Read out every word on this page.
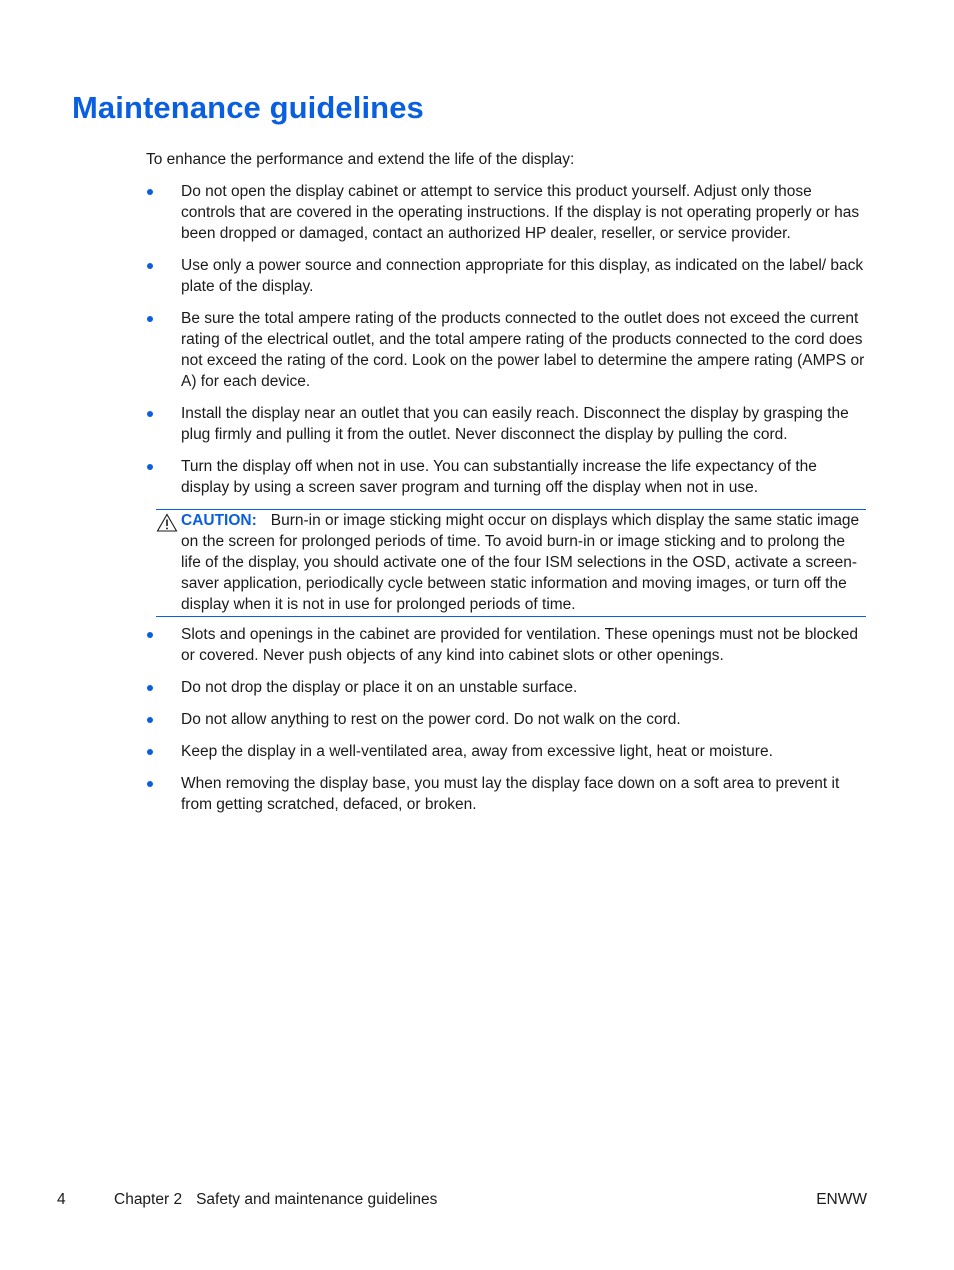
Maintenance guidelines

To enhance the performance and extend the life of the display:

Do not open the display cabinet or attempt to service this product yourself. Adjust only those controls that are covered in the operating instructions. If the display is not operating properly or has been dropped or damaged, contact an authorized HP dealer, reseller, or service provider.
Use only a power source and connection appropriate for this display, as indicated on the label/ back plate of the display.
Be sure the total ampere rating of the products connected to the outlet does not exceed the current rating of the electrical outlet, and the total ampere rating of the products connected to the cord does not exceed the rating of the cord. Look on the power label to determine the ampere rating (AMPS or A) for each device.
Install the display near an outlet that you can easily reach. Disconnect the display by grasping the plug firmly and pulling it from the outlet. Never disconnect the display by pulling the cord.
Turn the display off when not in use. You can substantially increase the life expectancy of the display by using a screen saver program and turning off the display when not in use.

CAUTION: Burn-in or image sticking might occur on displays which display the same static image on the screen for prolonged periods of time. To avoid burn-in or image sticking and to prolong the life of the display, you should activate one of the four ISM selections in the OSD, activate a screen-saver application, periodically cycle between static information and moving images, or turn off the display when it is not in use for prolonged periods of time.

Slots and openings in the cabinet are provided for ventilation. These openings must not be blocked or covered. Never push objects of any kind into cabinet slots or other openings.
Do not drop the display or place it on an unstable surface.
Do not allow anything to rest on the power cord. Do not walk on the cord.
Keep the display in a well-ventilated area, away from excessive light, heat or moisture.
When removing the display base, you must lay the display face down on a soft area to prevent it from getting scratched, defaced, or broken.
4	Chapter 2 Safety and maintenance guidelines	ENWW
